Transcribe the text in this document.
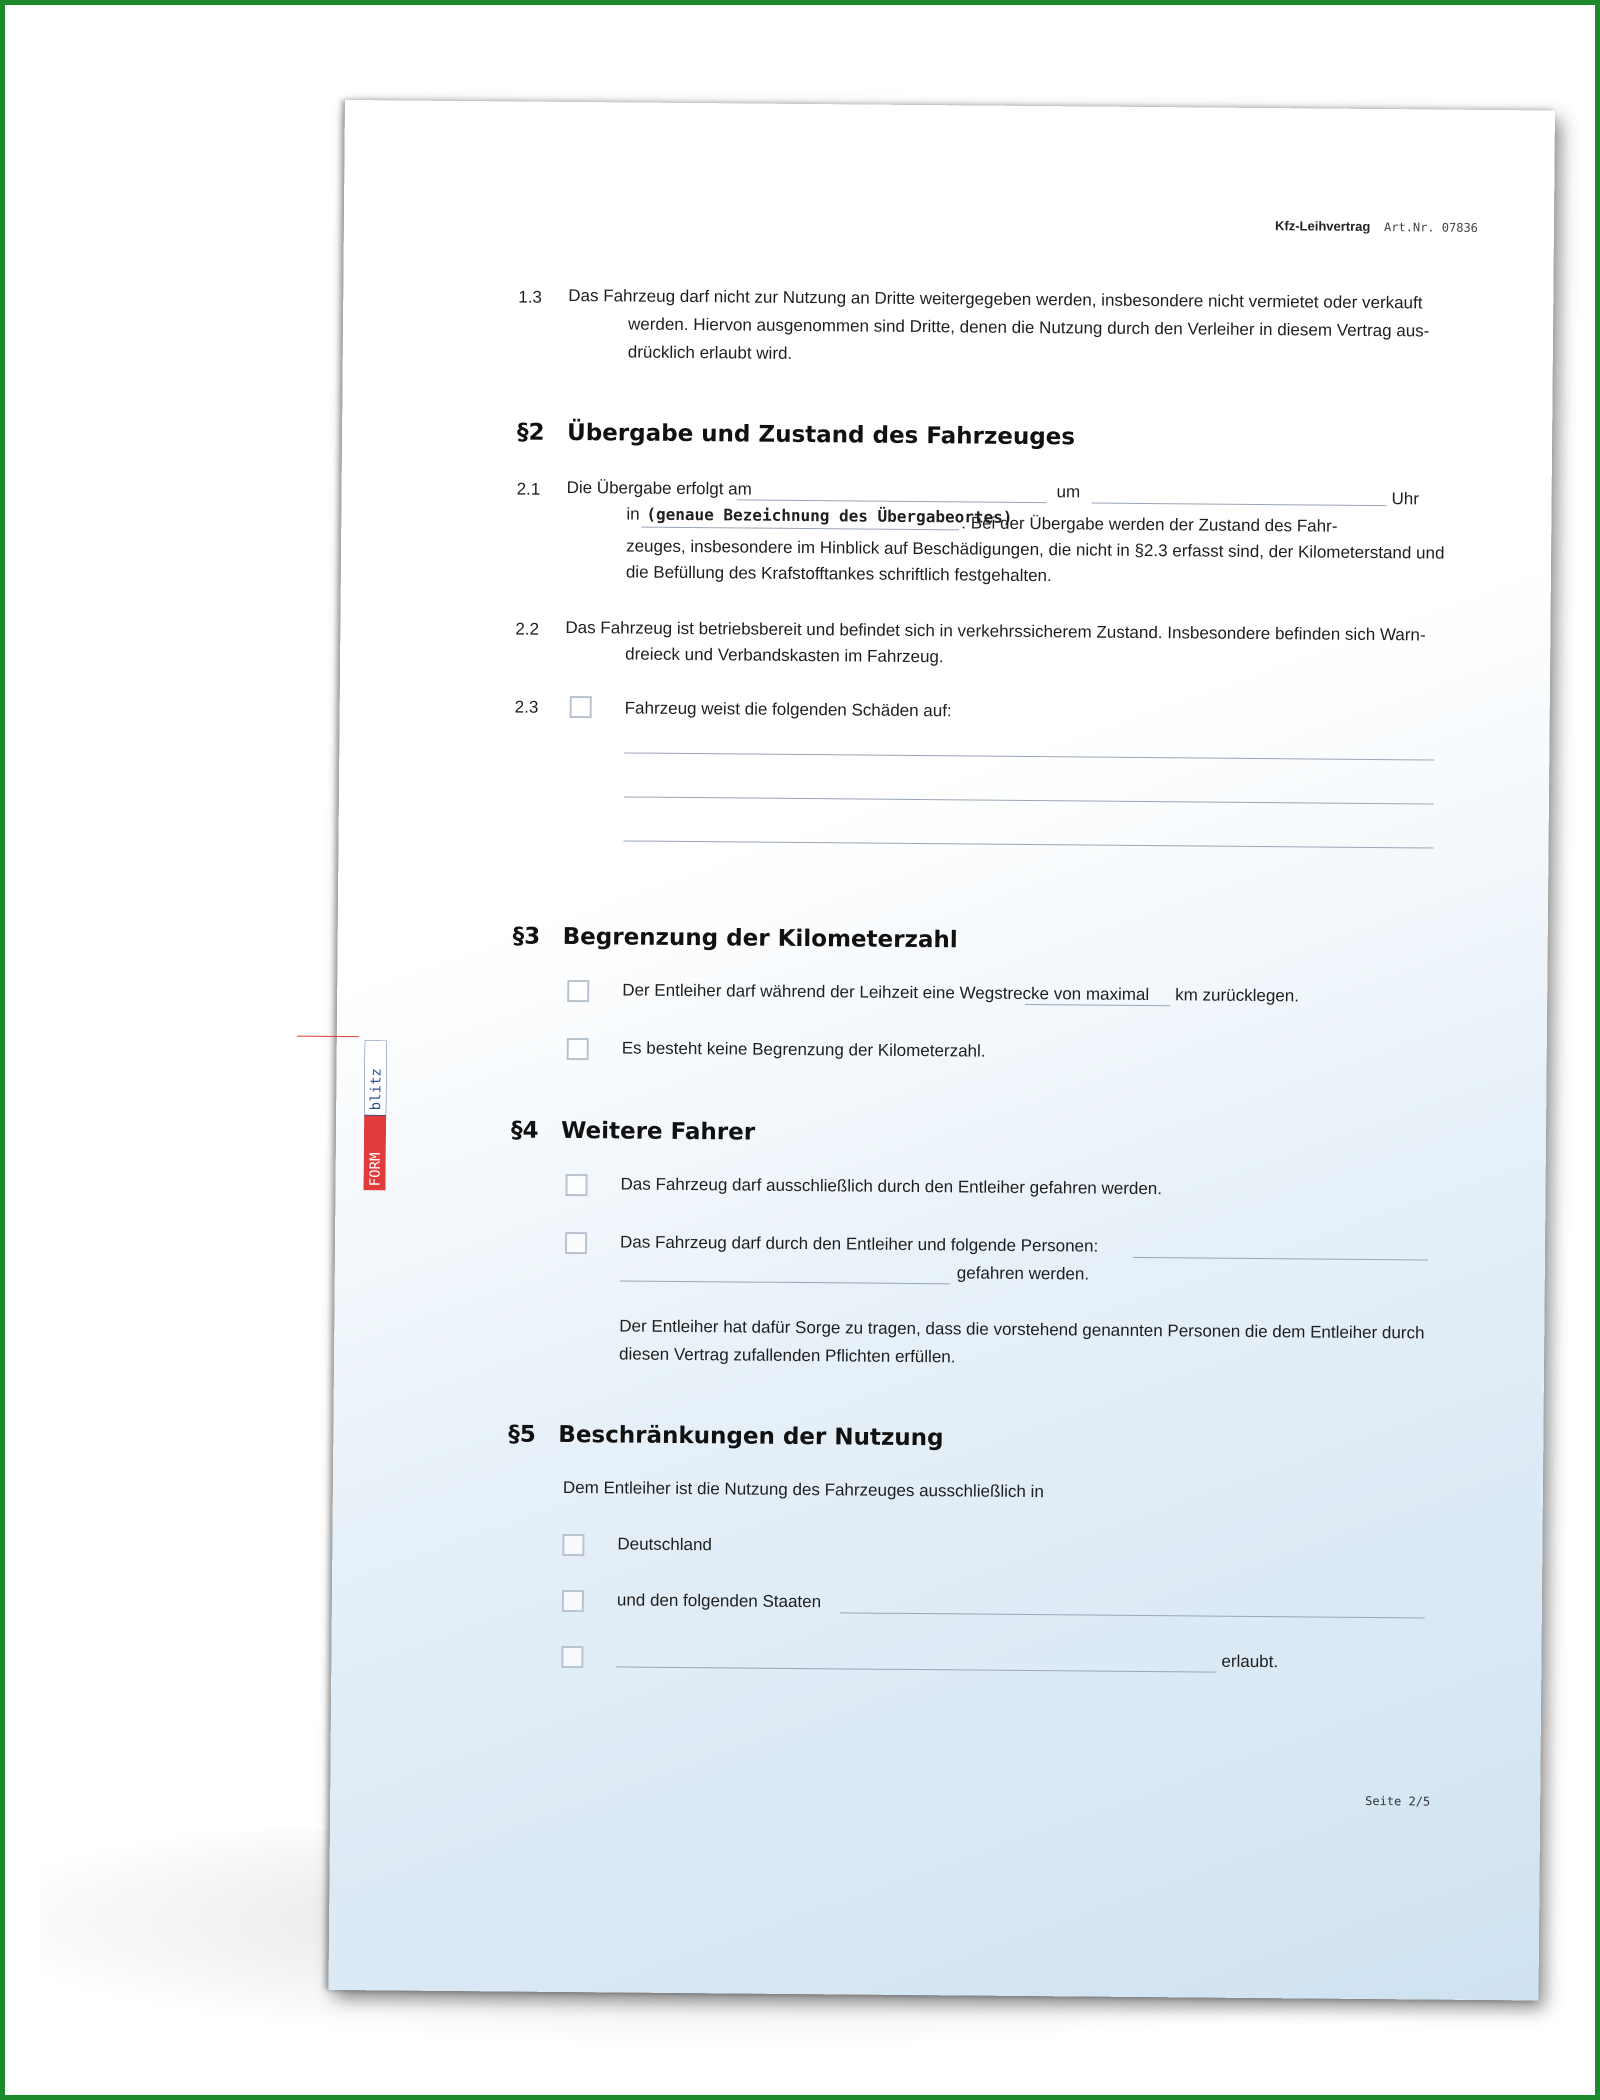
Kfz-Leihvertrag Art.Nr. 07836
FORM
blitz
1.3 Das Fahrzeug darf nicht zur Nutzung an Dritte weitergegeben werden, insbesondere nicht vermietet oder verkauft
werden. Hiervon ausgenommen sind Dritte, denen die Nutzung durch den Verleiher in diesem Vertrag aus-
drücklich erlaubt wird.
§2 Übergabe und Zustand des Fahrzeuges
2.1 Die Übergabe erfolgt am	um	Uhr
in (genaue Bezeichnung des Übergabeortes)
. Bei der Übergabe werden der Zustand des Fahr-
zeuges, insbesondere im Hinblick auf Beschädigungen, die nicht in §2.3 erfasst sind, der Kilometerstand und
die Befüllung des Krafstofftankes schriftlich festgehalten.
2.2 Das Fahrzeug ist betriebsbereit und befindet sich in verkehrssicherem Zustand. Insbesondere befinden sich Warn-
dreieck und Verbandskasten im Fahrzeug.
2.3	Fahrzeug weist die folgenden Schäden auf:
§3 Begrenzung der Kilometerzahl
Der Entleiher darf während der Leihzeit eine Wegstrecke von maximal km zurücklegen.
Es besteht keine Begrenzung der Kilometerzahl.
§4 Weitere Fahrer
Das Fahrzeug darf ausschließlich durch den Entleiher gefahren werden.
Das Fahrzeug darf durch den Entleiher und folgende Personen:
gefahren werden.
Der Entleiher hat dafür Sorge zu tragen, dass die vorstehend genannten Personen die dem Entleiher durch
diesen Vertrag zufallenden Pflichten erfüllen.
§5 Beschränkungen der Nutzung
Dem Entleiher ist die Nutzung des Fahrzeuges ausschließlich in
Deutschland
und den folgenden Staaten
erlaubt.
Seite 2/5
